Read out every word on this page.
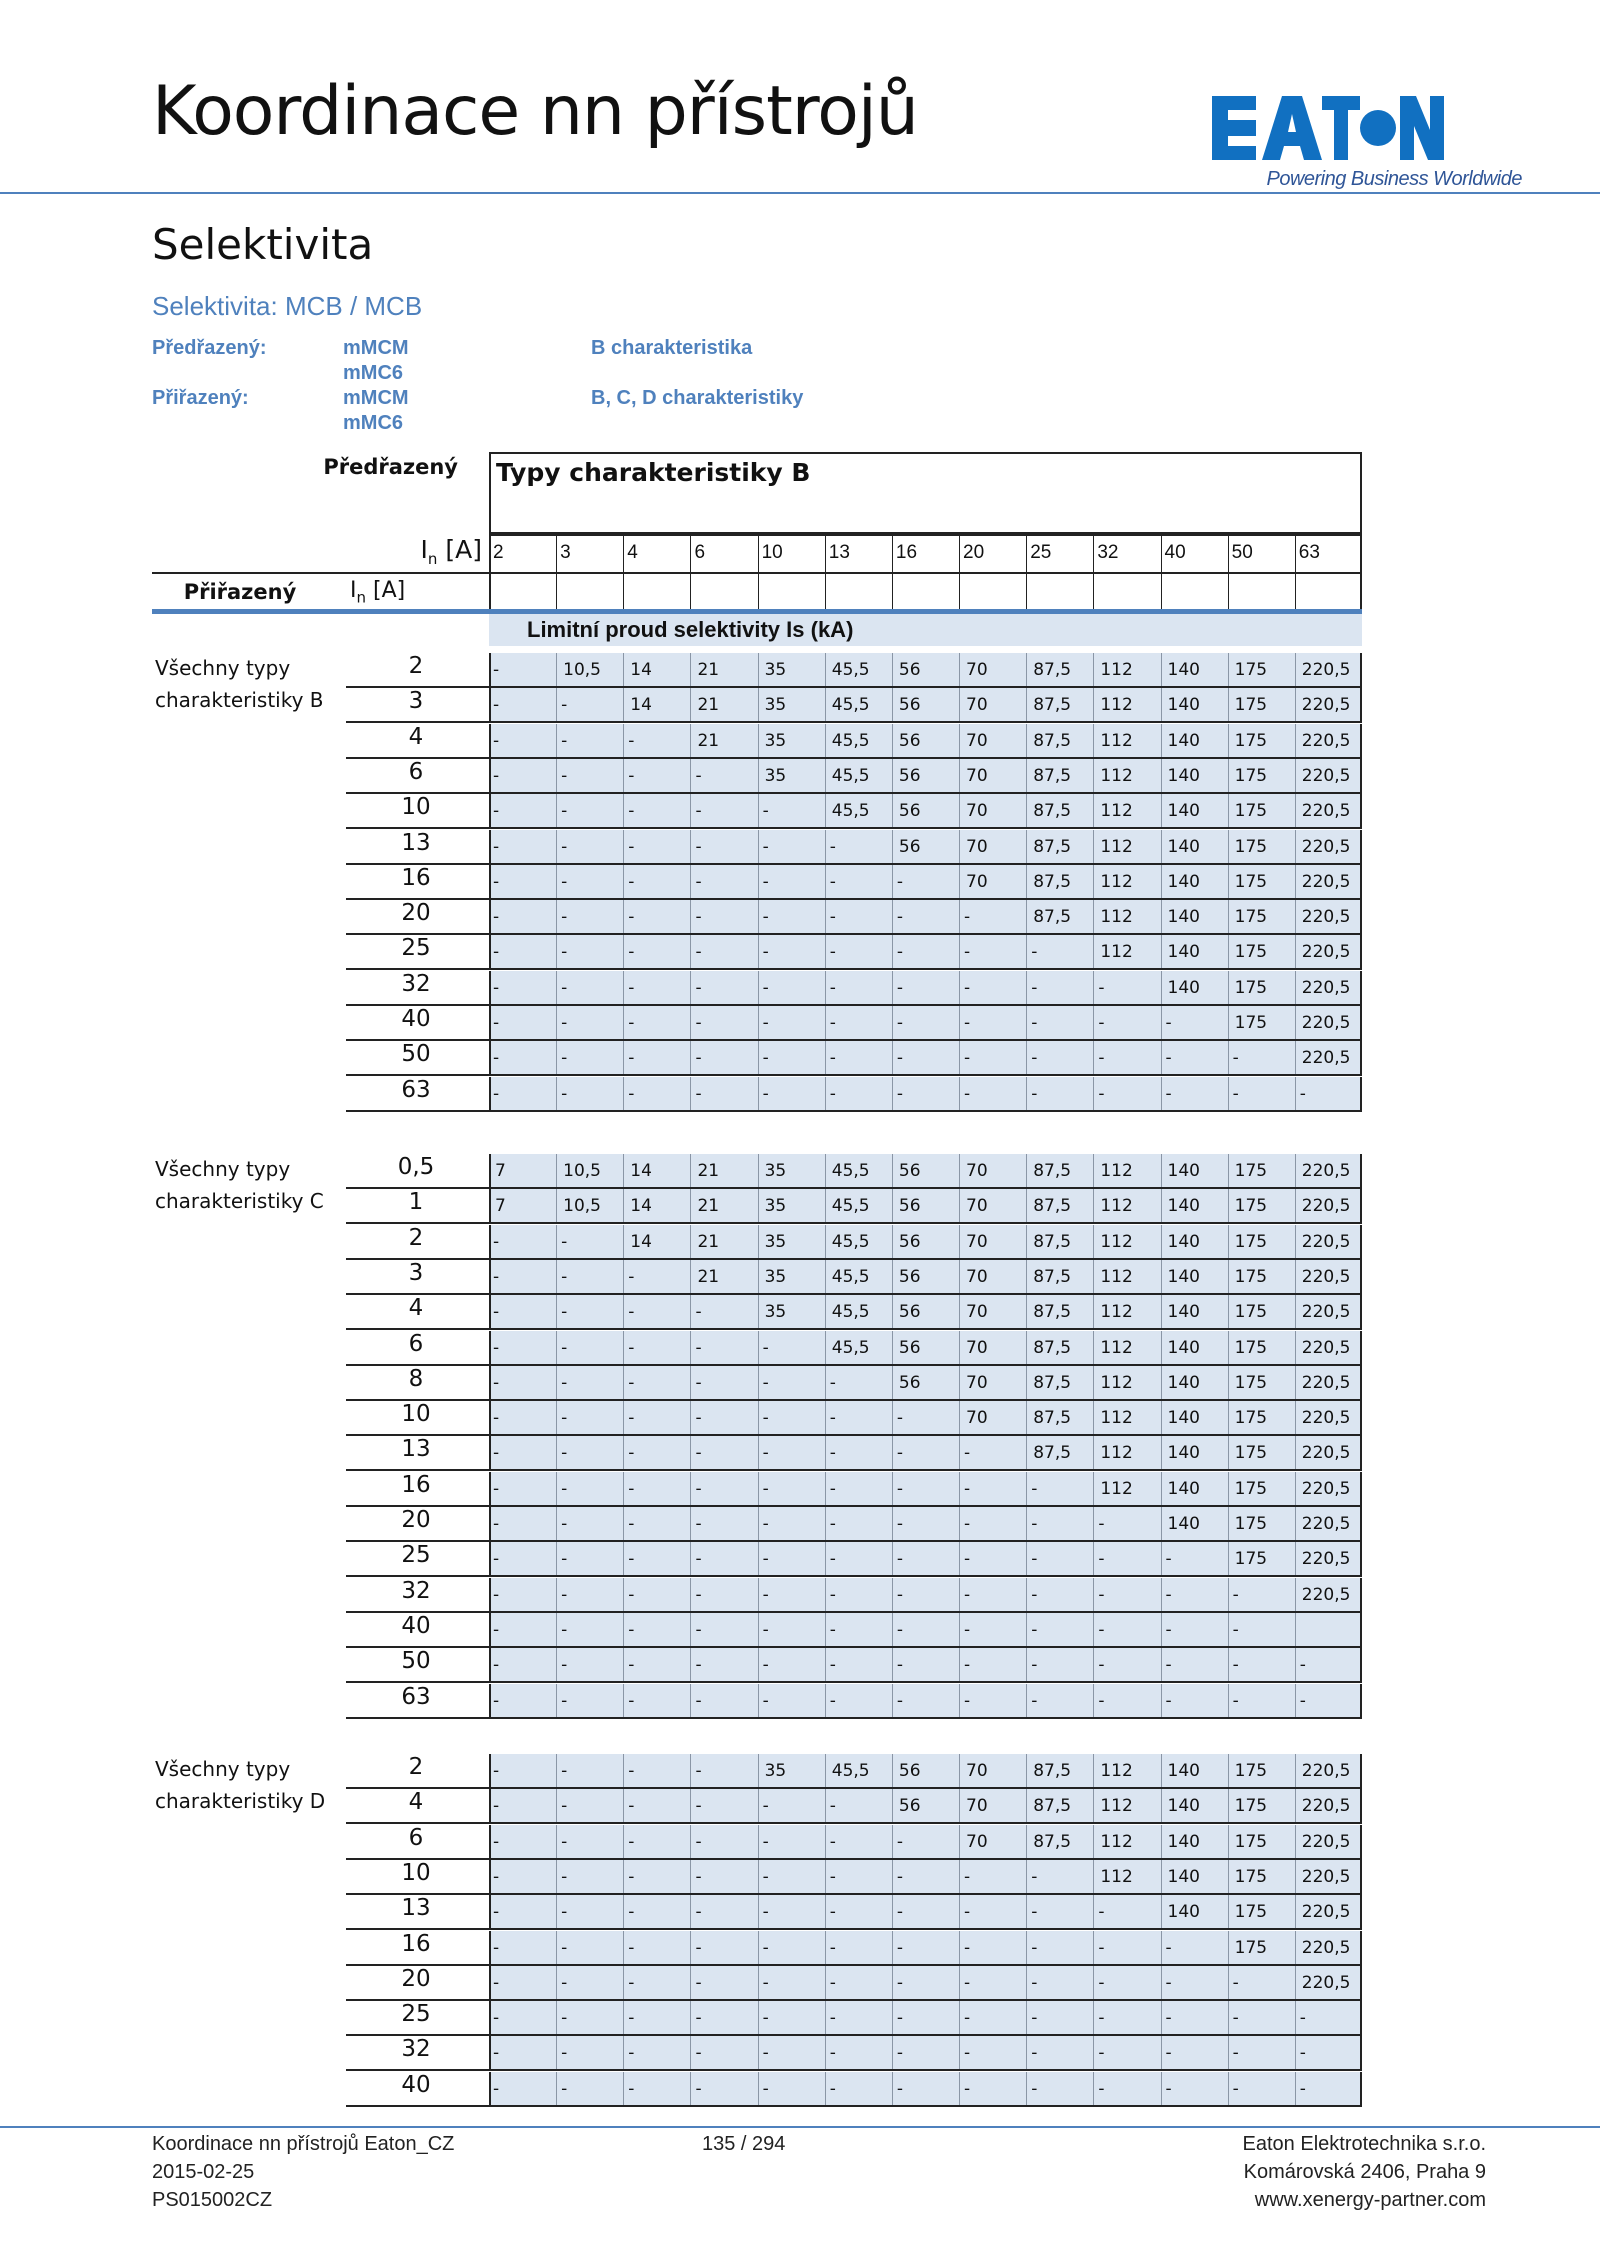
Koordinace nn přístrojů
Powering Business Worldwide
Selektivita
Selektivita: MCB / MCB
Předřazený:	mMCM
mMC6
B charakteristika
Přiřazený:	mMCM
mMC6
B, C, D charakteristiky
Předřazený Typy charakteristiky B
$I_n$ [A]
Přiřazený	$I_n$ [A]
2	3	4	6	10	13	16	20	25	32	40	50	63
Limitní proud selektivity Is (kA)
Všechny typy
charakteristiky B
2	-	10,5	14	21	35	45,5	56	70	87,5	112	140	175	220,5
3	-	-	14	21	35	45,5	56	70	87,5	112	140	175	220,5
4	-	-	-	21	35	45,5	56	70	87,5	112	140	175	220,5
6	-	-	-	-	35	45,5	56	70	87,5	112	140	175	220,5
10	-	-	-	-	-	45,5	56	70	87,5	112	140	175	220,5
13	-	-	-	-	-	-	56	70	87,5	112	140	175	220,5
16	-	-	-	-	-	-	-	70	87,5	112	140	175	220,5
20	-	-	-	-	-	-	-	-	87,5	112	140	175	220,5
25	-	-	-	-	-	-	-	-	-	112	140	175	220,5
32	-	-	-	-	-	-	-	-	-	-	140	175	220,5
40	-	-	-	-	-	-	-	-	-	-	-	175	220,5
50	-	-	-	-	-	-	-	-	-	-	-	-	220,5
63	-	-	-	-	-	-	-	-	-	-	-	-	-
Všechny typy
charakteristiky C
0,5	7	10,5	14	21	35	45,5	56	70	87,5	112	140	175	220,5
1	7	10,5	14	21	35	45,5	56	70	87,5	112	140	175	220,5
2	-	-	14	21	35	45,5	56	70	87,5	112	140	175	220,5
3	-	-	-	21	35	45,5	56	70	87,5	112	140	175	220,5
4	-	-	-	-	35	45,5	56	70	87,5	112	140	175	220,5
6	-	-	-	-	-	45,5	56	70	87,5	112	140	175	220,5
8	-	-	-	-	-	-	56	70	87,5	112	140	175	220,5
10	-	-	-	-	-	-	-	70	87,5	112	140	175	220,5
13	-	-	-	-	-	-	-	-	87,5	112	140	175	220,5
16	-	-	-	-	-	-	-	-	-	112	140	175	220,5
20	-	-	-	-	-	-	-	-	-	-	140	175	220,5
25	-	-	-	-	-	-	-	-	-	-	-	175	220,5
32	-	-	-	-	-	-	-	-	-	-	-	-	220,5
40	-	-	-	-	-	-	-	-	-	-	-	-
50	-	-	-	-	-	-	-	-	-	-	-	-	-
63	-	-	-	-	-	-	-	-	-	-	-	-	-
Všechny typy
charakteristiky D
2	-	-	-	-	35	45,5	56	70	87,5	112	140	175	220,5
4	-	-	-	-	-	-	56	70	87,5	112	140	175	220,5
6	-	-	-	-	-	-	-	70	87,5	112	140	175	220,5
10	-	-	-	-	-	-	-	-	-	112	140	175	220,5
13	-	-	-	-	-	-	-	-	-	-	140	175	220,5
16	-	-	-	-	-	-	-	-	-	-	-	175	220,5
20	-	-	-	-	-	-	-	-	-	-	-	-	220,5
25	-	-	-	-	-	-	-	-	-	-	-	-	-
32	-	-	-	-	-	-	-	-	-	-	-	-	-
40	-	-	-	-	-	-	-	-	-	-	-	-	-
Koordinace nn přístrojů Eaton_CZ
2015-02-25
PS015002CZ
135 / 294	Eaton Elektrotechnika s.r.o.
Komárovská 2406, Praha 9
www.xenergy-partner.com
